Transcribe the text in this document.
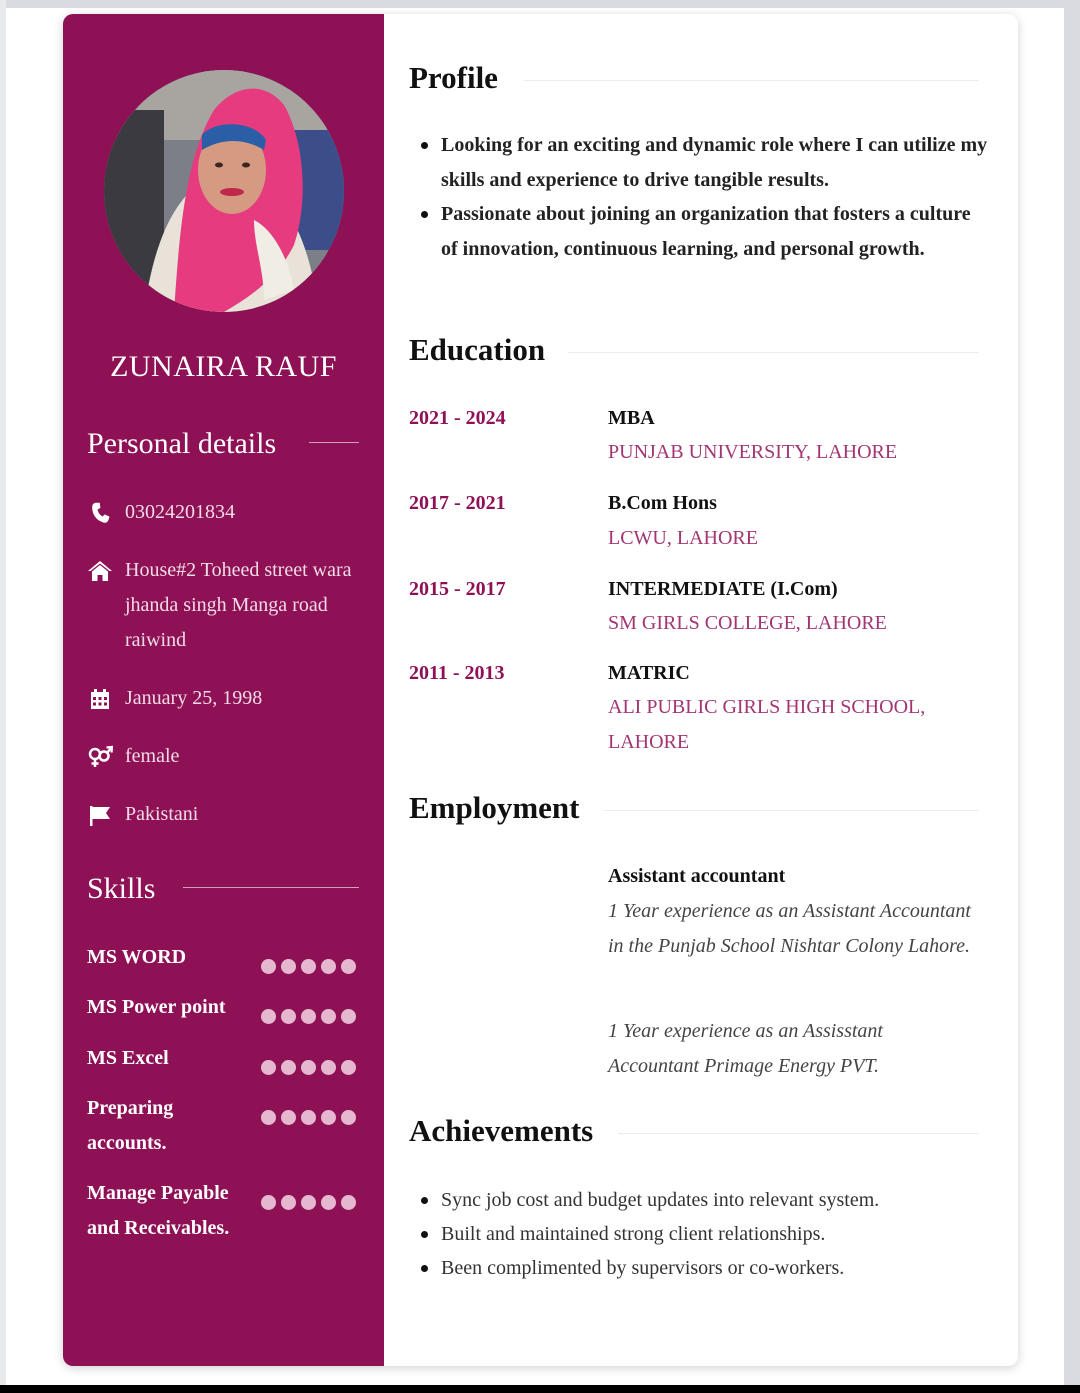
ZUNAIRA RAUF
Personal details
03024201834
House#2 Toheed street wara jhanda singh Manga road raiwind
January 25, 1998
female
Pakistani
Skills
MS WORD
MS Power point
MS Excel
Preparing accounts.
Manage Payable and Receivables.
Profile
Looking for an exciting and dynamic role where I can utilize my skills and experience to drive tangible results.
Passionate about joining an organization that fosters a culture of innovation, continuous learning, and personal growth.
Education
2021 - 2024	MBA
PUNJAB UNIVERSITY, LAHORE
2017 - 2021	B.Com Hons
LCWU, LAHORE
2015 - 2017	INTERMEDIATE (I.Com)
SM GIRLS COLLEGE, LAHORE
2011 - 2013	MATRIC
ALI PUBLIC GIRLS HIGH SCHOOL, LAHORE
Employment
Assistant accountant
1 Year experience as an Assistant Accountant in the Punjab School Nishtar Colony Lahore.
1 Year experience as an Assisstant Accountant Primage Energy PVT.
Achievements
Sync job cost and budget updates into relevant system.
Built and maintained strong client relationships.
Been complimented by supervisors or co-workers.
